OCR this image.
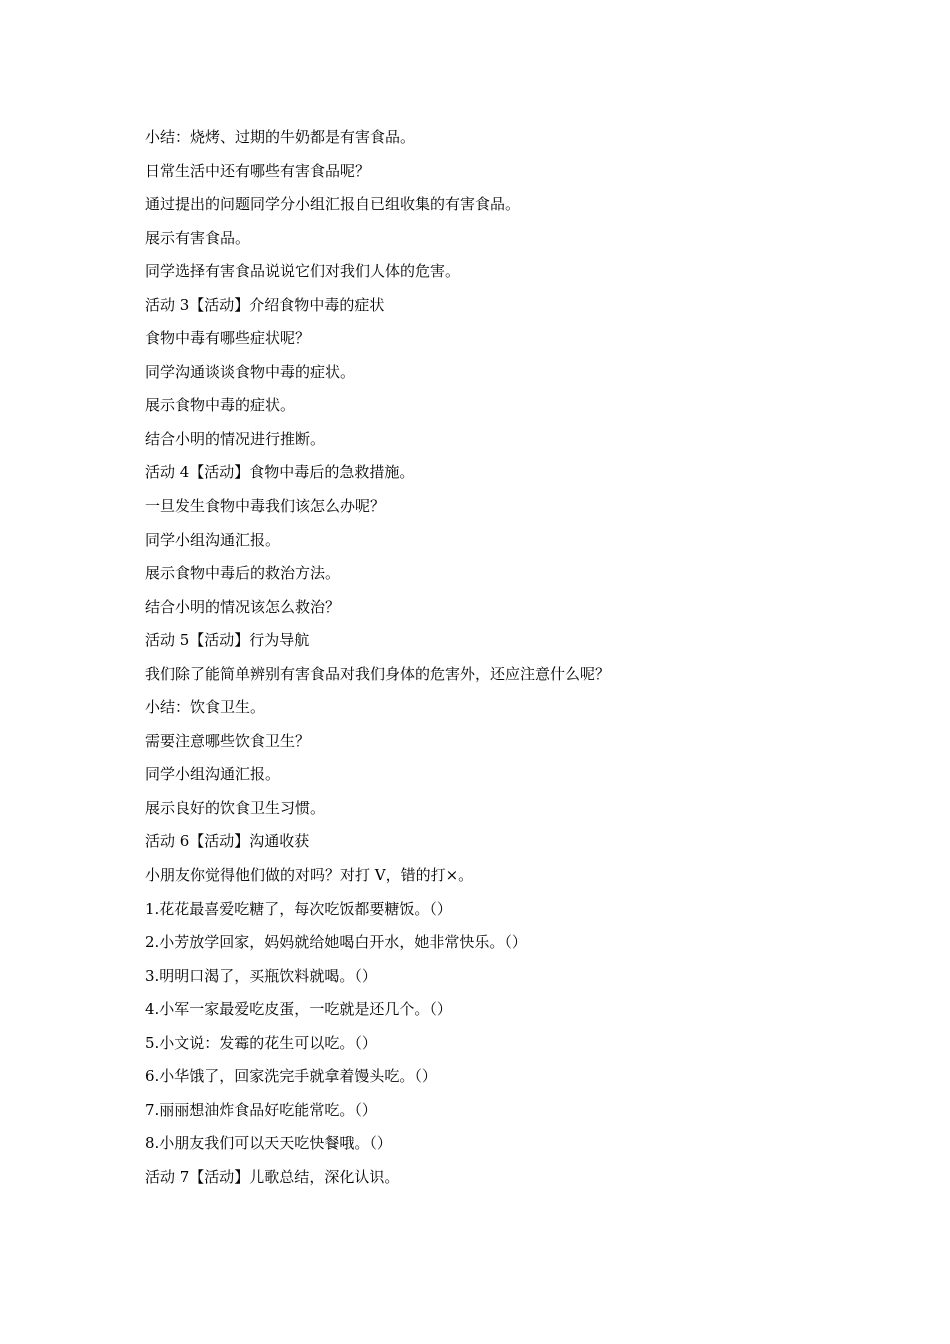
小结：烧烤、过期的牛奶都是有害食品。
日常生活中还有哪些有害食品呢？
通过提出的问题同学分小组汇报自已组收集的有害食品。
展示有害食品。
同学选择有害食品说说它们对我们人体的危害。
活动 3【活动】介绍食物中毒的症状
食物中毒有哪些症状呢？
同学沟通谈谈食物中毒的症状。
展示食物中毒的症状。
结合小明的情况进行推断。
活动 4【活动】食物中毒后的急救措施。
一旦发生食物中毒我们该怎么办呢？
同学小组沟通汇报。
展示食物中毒后的救治方法。
结合小明的情况该怎么救治？
活动 5【活动】行为导航
我们除了能简单辨别有害食品对我们身体的危害外，还应注意什么呢？
小结：饮食卫生。
需要注意哪些饮食卫生？
同学小组沟通汇报。
展示良好的饮食卫生习惯。
活动 6【活动】沟通收获
小朋友你觉得他们做的对吗？对打 V，错的打×。
1.花花最喜爱吃糖了，每次吃饭都要糖饭。（）
2.小芳放学回家，妈妈就给她喝白开水，她非常快乐。（）
3.明明口渴了，买瓶饮料就喝。（）
4.小军一家最爱吃皮蛋，一吃就是还几个。（）
5.小文说：发霉的花生可以吃。（）
6.小华饿了，回家洗完手就拿着馒头吃。（）
7.丽丽想油炸食品好吃能常吃。（）
8.小朋友我们可以天天吃快餐哦。（）
活动 7【活动】儿歌总结，深化认识。
